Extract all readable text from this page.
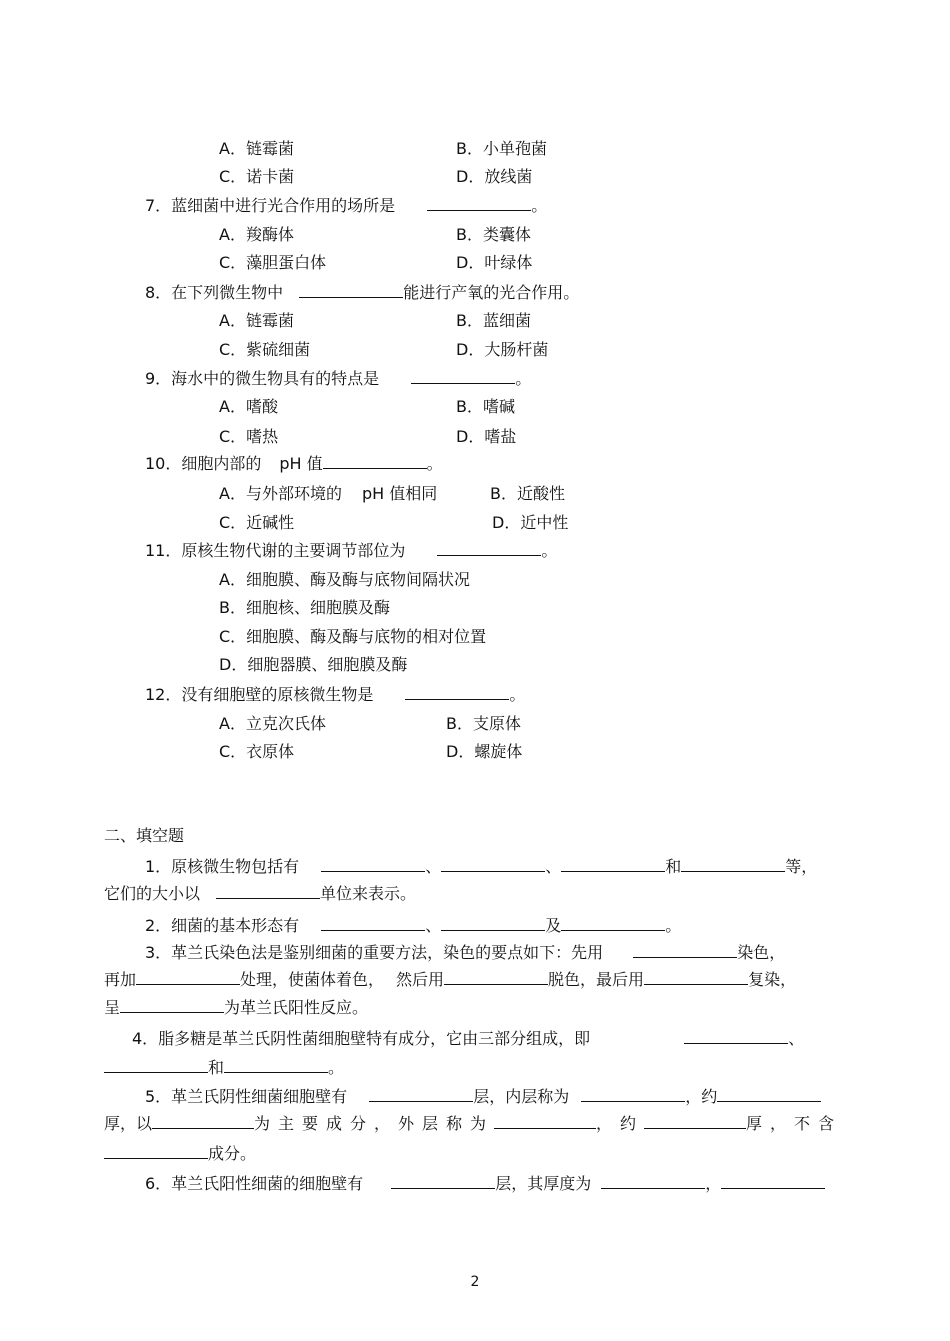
A．链霉菌	B．小单孢菌
C．诺卡菌	D．放线菌
7．蓝细菌中进行光合作用的场所是	。
A．羧酶体	B．类囊体
C．藻胆蛋白体	D．叶绿体
8．在下列微生物中	能进行产氧的光合作用。
A．链霉菌	B．蓝细菌
C．紫硫细菌	D．大肠杆菌
9．海水中的微生物具有的特点是	。
A．嗜酸	B．嗜碱
C．嗜热	D．嗜盐
10．细胞内部的 pH 值	。
A．与外部环境的 pH 值相同	B．近酸性
C．近碱性	D．近中性
11．原核生物代谢的主要调节部位为	。
A．细胞膜、酶及酶与底物间隔状况
B．细胞核、细胞膜及酶
C．细胞膜、酶及酶与底物的相对位置
D．细胞器膜、细胞膜及酶
12．没有细胞壁的原核微生物是	。
A．立克次氏体	B．支原体
C．衣原体	D．螺旋体
二、填空题
1．原核微生物包括有	、	、	和	等，
它们的大小以	单位来表示。
2．细菌的基本形态有	、	及	。
3．革兰氏染色法是鉴别细菌的重要方法，染色的要点如下：先用	染色，
再加	处理，使菌体着色， 然后用	脱色，最后用	复染，
呈	为革兰氏阳性反应。
4．脂多糖是革兰氏阴性菌细胞壁特有成分，它由三部分组成，即	、
和	。
5．革兰氏阴性细菌细胞壁有	层，内层称为	，约
厚， 以	为主要成分， 外层称为	，约	厚， 不含
成分。
6．革兰氏阳性细菌的细胞壁有	层，其厚度为	，
2
